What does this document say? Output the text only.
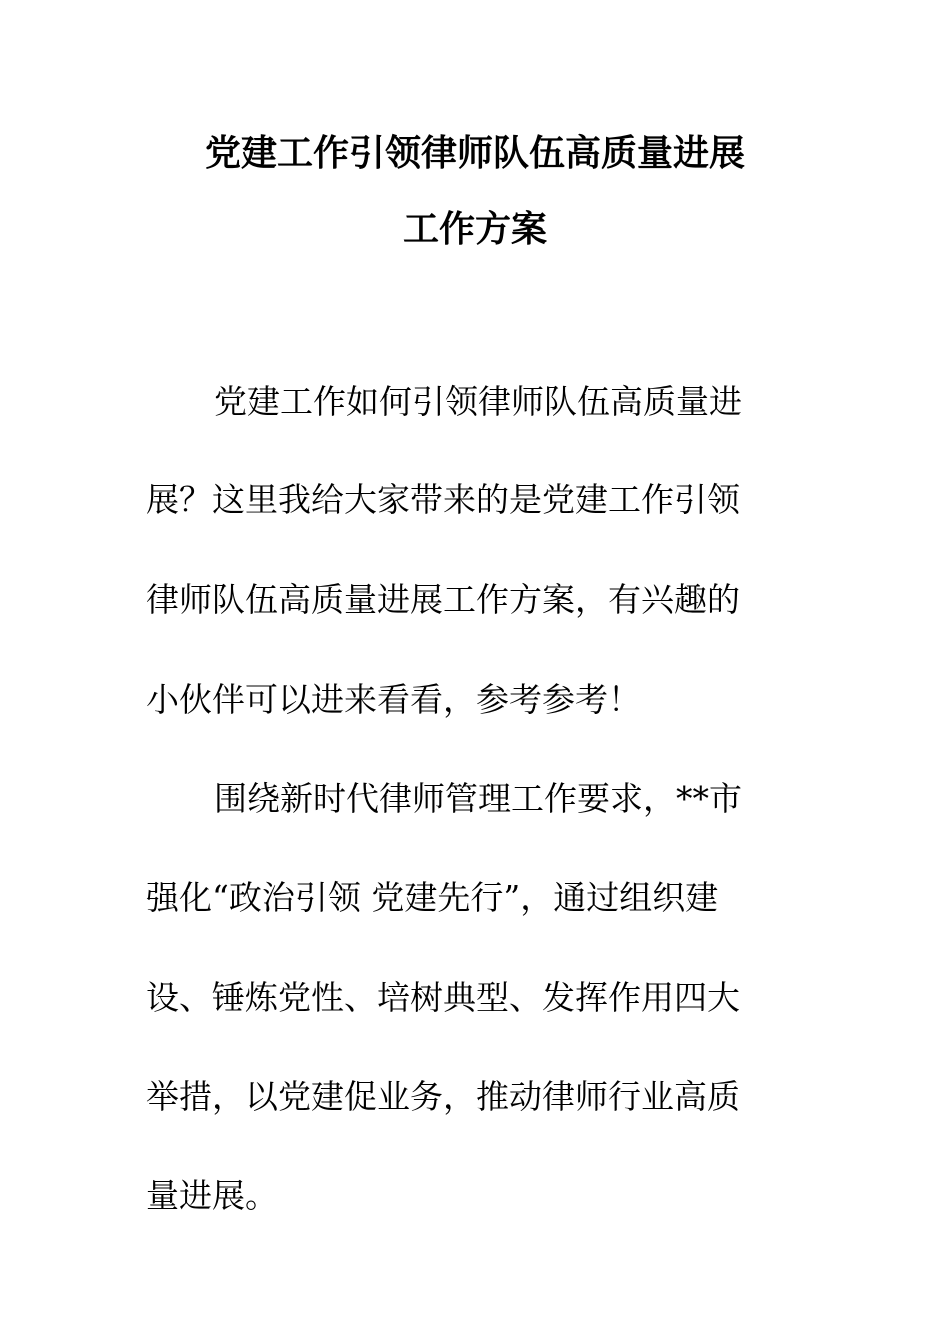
党建工作引领律师队伍高质量进展
工作方案
党建工作如何引领律师队伍高质量进
展？这里我给大家带来的是党建工作引领
律师队伍高质量进展工作方案，有兴趣的
小伙伴可以进来看看，参考参考！
围绕新时代律师管理工作要求，**市
强化“政治引领 党建先行”，通过组织建
设、锤炼党性、培树典型、发挥作用四大
举措，以党建促业务，推动律师行业高质
量进展。
